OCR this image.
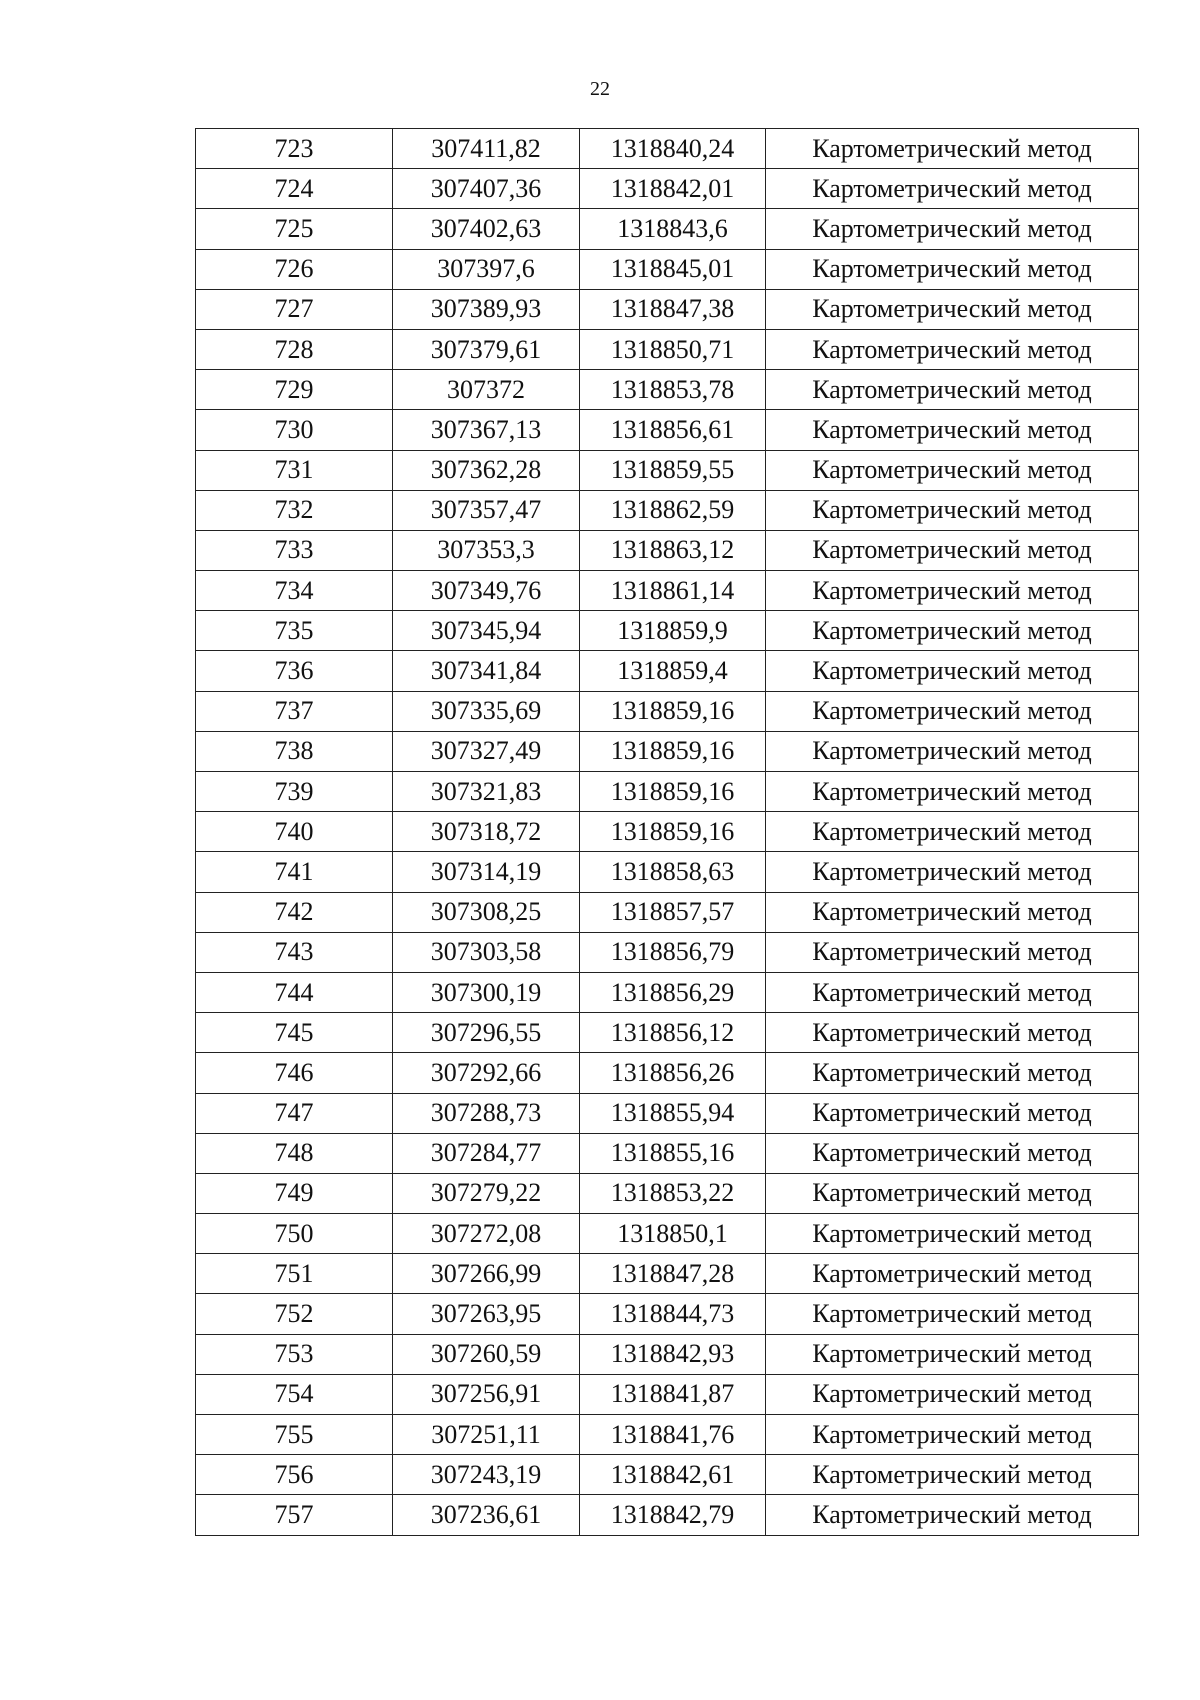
22
723	307411,82	1318840,24	Картометрический метод
724	307407,36	1318842,01	Картометрический метод
725	307402,63	1318843,6	Картометрический метод
726	307397,6	1318845,01	Картометрический метод
727	307389,93	1318847,38	Картометрический метод
728	307379,61	1318850,71	Картометрический метод
729	307372	1318853,78	Картометрический метод
730	307367,13	1318856,61	Картометрический метод
731	307362,28	1318859,55	Картометрический метод
732	307357,47	1318862,59	Картометрический метод
733	307353,3	1318863,12	Картометрический метод
734	307349,76	1318861,14	Картометрический метод
735	307345,94	1318859,9	Картометрический метод
736	307341,84	1318859,4	Картометрический метод
737	307335,69	1318859,16	Картометрический метод
738	307327,49	1318859,16	Картометрический метод
739	307321,83	1318859,16	Картометрический метод
740	307318,72	1318859,16	Картометрический метод
741	307314,19	1318858,63	Картометрический метод
742	307308,25	1318857,57	Картометрический метод
743	307303,58	1318856,79	Картометрический метод
744	307300,19	1318856,29	Картометрический метод
745	307296,55	1318856,12	Картометрический метод
746	307292,66	1318856,26	Картометрический метод
747	307288,73	1318855,94	Картометрический метод
748	307284,77	1318855,16	Картометрический метод
749	307279,22	1318853,22	Картометрический метод
750	307272,08	1318850,1	Картометрический метод
751	307266,99	1318847,28	Картометрический метод
752	307263,95	1318844,73	Картометрический метод
753	307260,59	1318842,93	Картометрический метод
754	307256,91	1318841,87	Картометрический метод
755	307251,11	1318841,76	Картометрический метод
756	307243,19	1318842,61	Картометрический метод
757	307236,61	1318842,79	Картометрический метод
